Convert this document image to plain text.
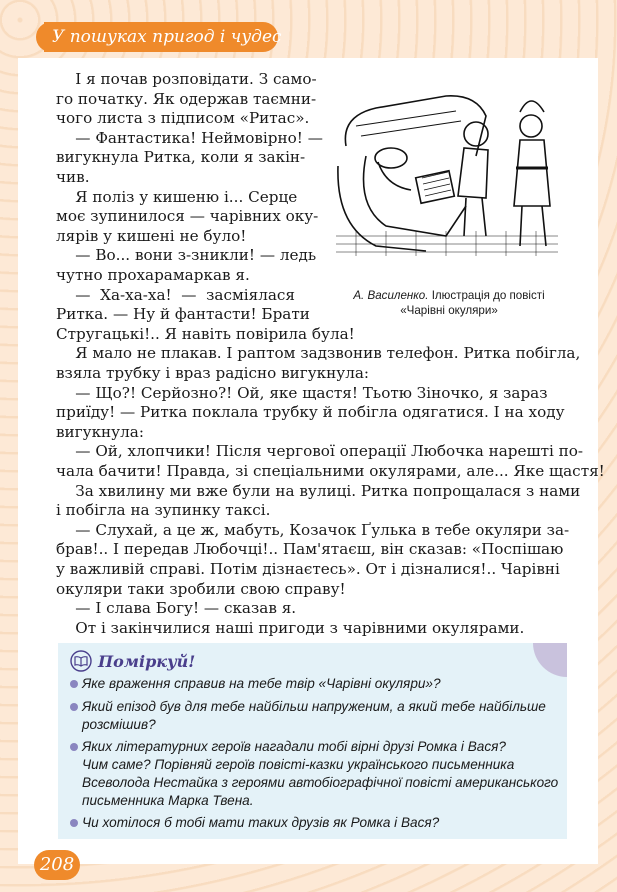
У пошуках пригод і чудес

І я почав розповідати. З само-

го початку. Як одержав таємни-

чого листа з підписом «Ритас».

— Фантастика! Неймовірно! —

вигукнула Ритка, коли я закін-

чив.

Я поліз у кишеню і... Серце

моє зупинилося — чарівних оку-

лярів у кишені не було!

— Во... вони з-зникли! — ледь

чутно прохарамаркав я.

—  Ха-ха-ха!  —  засміялася

Ритка. — Ну й фантасти! Брати

Стругацькі!.. Я навіть повірила була!

А. Василенко. Ілюстрація до повісті
«Чарівні окуляри»

Я мало не плакав. І раптом задзвонив телефон. Ритка побігла,

взяла трубку і враз радісно вигукнула:

— Що?! Серйозно?! Ой, яке щастя! Тьотю Зіночко, я зараз

приїду! — Ритка поклала трубку й побігла одягатися. І на ходу

вигукнула:

— Ой, хлопчики! Після чергової операції Любочка нарешті по-

чала бачити! Правда, зі спеціальними окулярами, але... Яке щастя!

За хвилину ми вже були на вулиці. Ритка попрощалася з нами

і побігла на зупинку таксі.

— Слухай, а це ж, мабуть, Козачок Ґулька в тебе окуляри за-

брав!.. І передав Любочці!.. Пам'ятаєш, він сказав: «Поспішаю

у важливій справі. Потім дізнаєтесь». От і дізналися!.. Чарівні

окуляри таки зробили свою справу!

— І слава Богу! — сказав я.

От і закінчилися наші пригоди з чарівними окулярами.

Поміркуй!
Яке враження справив на тебе твір «Чарівні окуляри»?
Який епізод був для тебе найбільш напруженим, а який тебе найбільше
розсмішив?
Яких літературних героїв нагадали тобі вірні друзі Ромка і Вася?
Чим саме? Порівняй героїв повісті-казки українського письменника
Всеволода Нестайка з героями автобіографічної повісті американського
письменника Марка Твена.
Чи хотілося б тобі мати таких друзів як Ромка і Вася?
208
